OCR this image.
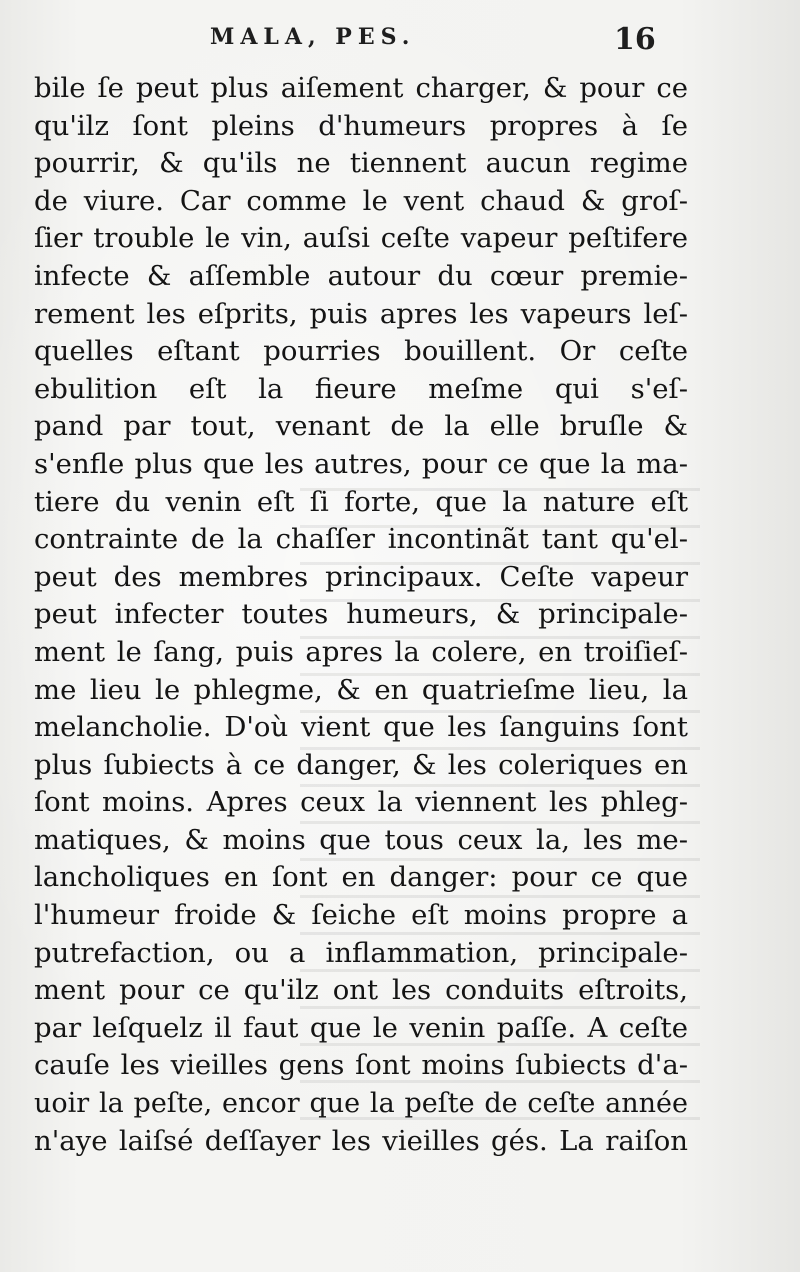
MALA, PES.	16
bile ſe peut plus aiſement charger, & pour ce
qu'ilz ſont pleins d'humeurs propres à ſe
pourrir, & qu'ils ne tiennent aucun regime
de viure. Car comme le vent chaud & groſ-
ſier trouble le vin, auſsi ceſte vapeur peſtifere
infecte & aſſemble autour du cœur premie-
rement les eſprits, puis apres les vapeurs leſ-
quelles eſtant pourries bouillent. Or ceſte
ebulition eſt la fieure meſme qui s'eſ-
pand par tout, venant de la elle bruſle &
s'enfle plus que les autres, pour ce que la ma-
tiere du venin eſt ſi forte, que la nature eſt
contrainte de la chaſſer incontinãt tant qu'el-
peut des membres principaux. Ceſte vapeur
peut infecter toutes humeurs, & principale-
ment le ſang, puis apres la colere, en troiſieſ-
me lieu le phlegme, & en quatrieſme lieu, la
melancholie. D'où vient que les ſanguins ſont
plus ſubiects à ce danger, & les coleriques en
ſont moins. Apres ceux la viennent les phleg-
matiques, & moins que tous ceux la, les me-
lancholiques en ſont en danger: pour ce que
l'humeur froide & ſeiche eſt moins propre a
putrefaction, ou a inflammation, principale-
ment pour ce qu'ilz ont les conduits eſtroits,
par leſquelz il faut que le venin paſſe. A ceſte
cauſe les vieilles gens ſont moins ſubiects d'a-
uoir la peſte, encor que la peſte de ceſte année
n'aye laiſsé deſſayer les vieilles gés. La raiſon
